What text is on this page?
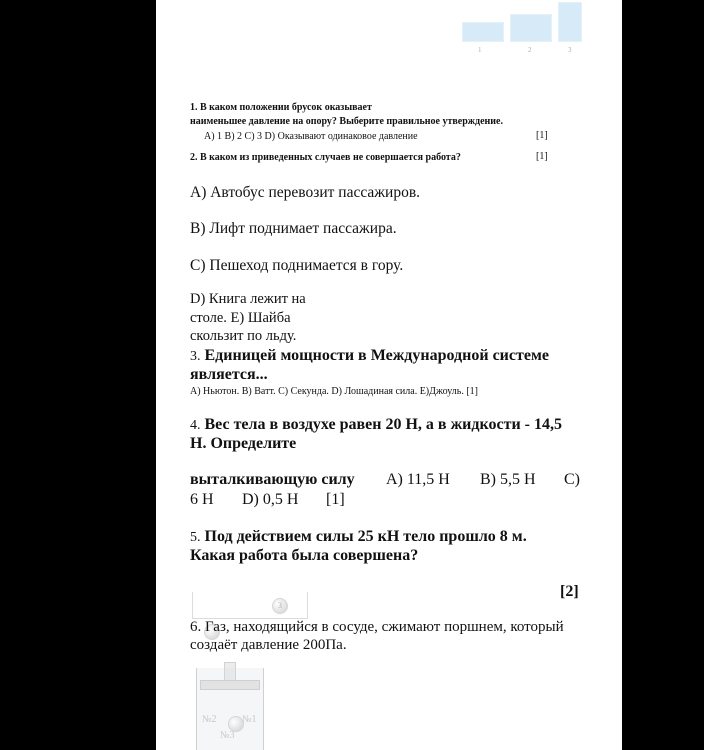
1	2	3
1. В каком положении брусок оказывает
наименьшее давление на опору? Выберите правильное утверждение.
A) 1 B) 2 C) 3 D) Оказывают одинаковое давление	[1]
2. В каком из приведенных случаев не совершается работа?	[1]
A) Автобус перевозит пассажиров.
B) Лифт поднимает пассажира.
C) Пешеход поднимается в гору.
D) Книга лежит на
столе. E) Шайба
скользит по льду.
3. Единицей мощности в Международной системе
является...
A) Ньютон. B) Ватт. C) Секунда. D) Лошадиная сила. E)Джоуль. [1]
4. Вес тела в воздухе равен 20 Н, а в жидкости - 14,5
Н. Определите
выталкивающую силу A) 11,5 Н B) 5,5 Н C)
6 Н D) 0,5 Н [1]
5. Под действием силы 25 кН тело прошло 8 м.
Какая работа была совершена?
[2]
3
6. Газ, находящийся в сосуде, сжимают поршнем, который
создаёт давление 200Па.
№2	№1
№3
